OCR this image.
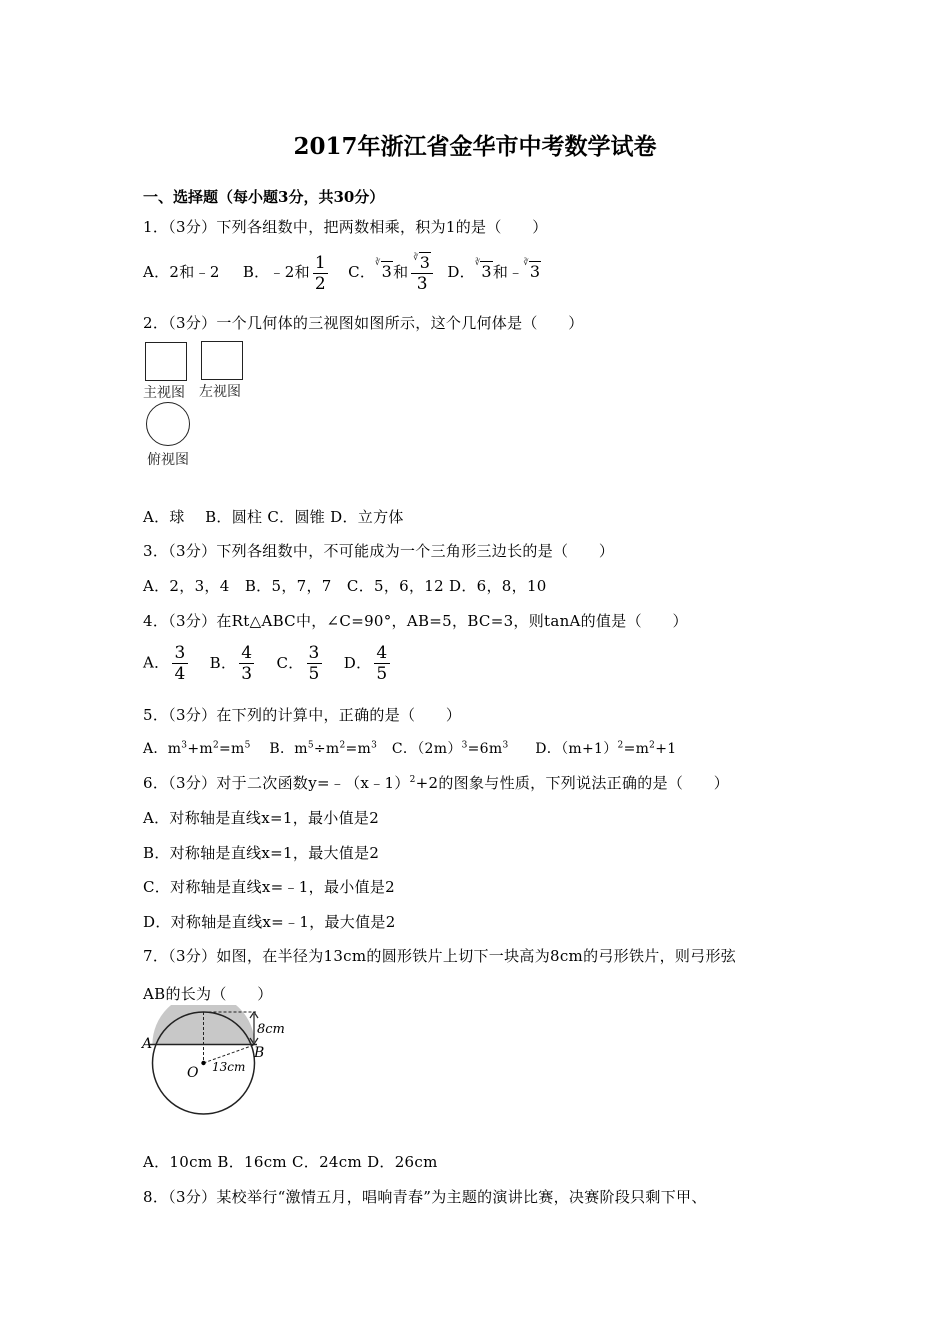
2017年浙江省金华市中考数学试卷
一、选择题（每小题3分，共30分）
1．（3分）下列各组数中，把两数相乘，积为1的是（　　）
A．2和﹣2 B．﹣2和 $\frac{1}{2}$ C．∛3和 $\frac{^∛3}{3}$ D．∛3和﹣∛3
2．（3分）一个几何体的三视图如图所示，这个几何体是（　　）
主视图 左视图
俯视图
A．球　 B．圆柱 C．圆锥 D．立方体
3．（3分）下列各组数中，不可能成为一个三角形三边长的是（　　）
A．2，3，4　B．5，7，7　C．5，6，12 D．6，8，10
4．（3分）在Rt△ABC中，∠C=90°，AB=5，BC=3，则tanA的值是（　　）
A． $\frac{3}{4}$ B． $\frac{4}{3}$ C． $\frac{3}{5}$ D． $\frac{4}{5}$
5．（3分）在下列的计算中，正确的是（　　）
A．$m^3+m^2=m^5$ B．$m^5\div m^2=m^3$ C．$(2m)^3=6m^3$ D．$(m+1)^2=m^2+1$
6．（3分）对于二次函数y=﹣（x﹣1）$^2$+2的图象与性质，下列说法正确的是（　　）
A．对称轴是直线x=1，最小值是2
B．对称轴是直线x=1，最大值是2
C．对称轴是直线x=﹣1，最小值是2
D．对称轴是直线x=﹣1，最大值是2
7．（3分）如图，在半径为13cm的圆形铁片上切下一块高为8cm的弓形铁片，则弓形弦
AB的长为（　　）
A
B
O
8cm
13cm
A．10cm B．16cm C．24cm D．26cm
8．（3分）某校举行“激情五月，唱响青春”为主题的演讲比赛，决赛阶段只剩下甲、
